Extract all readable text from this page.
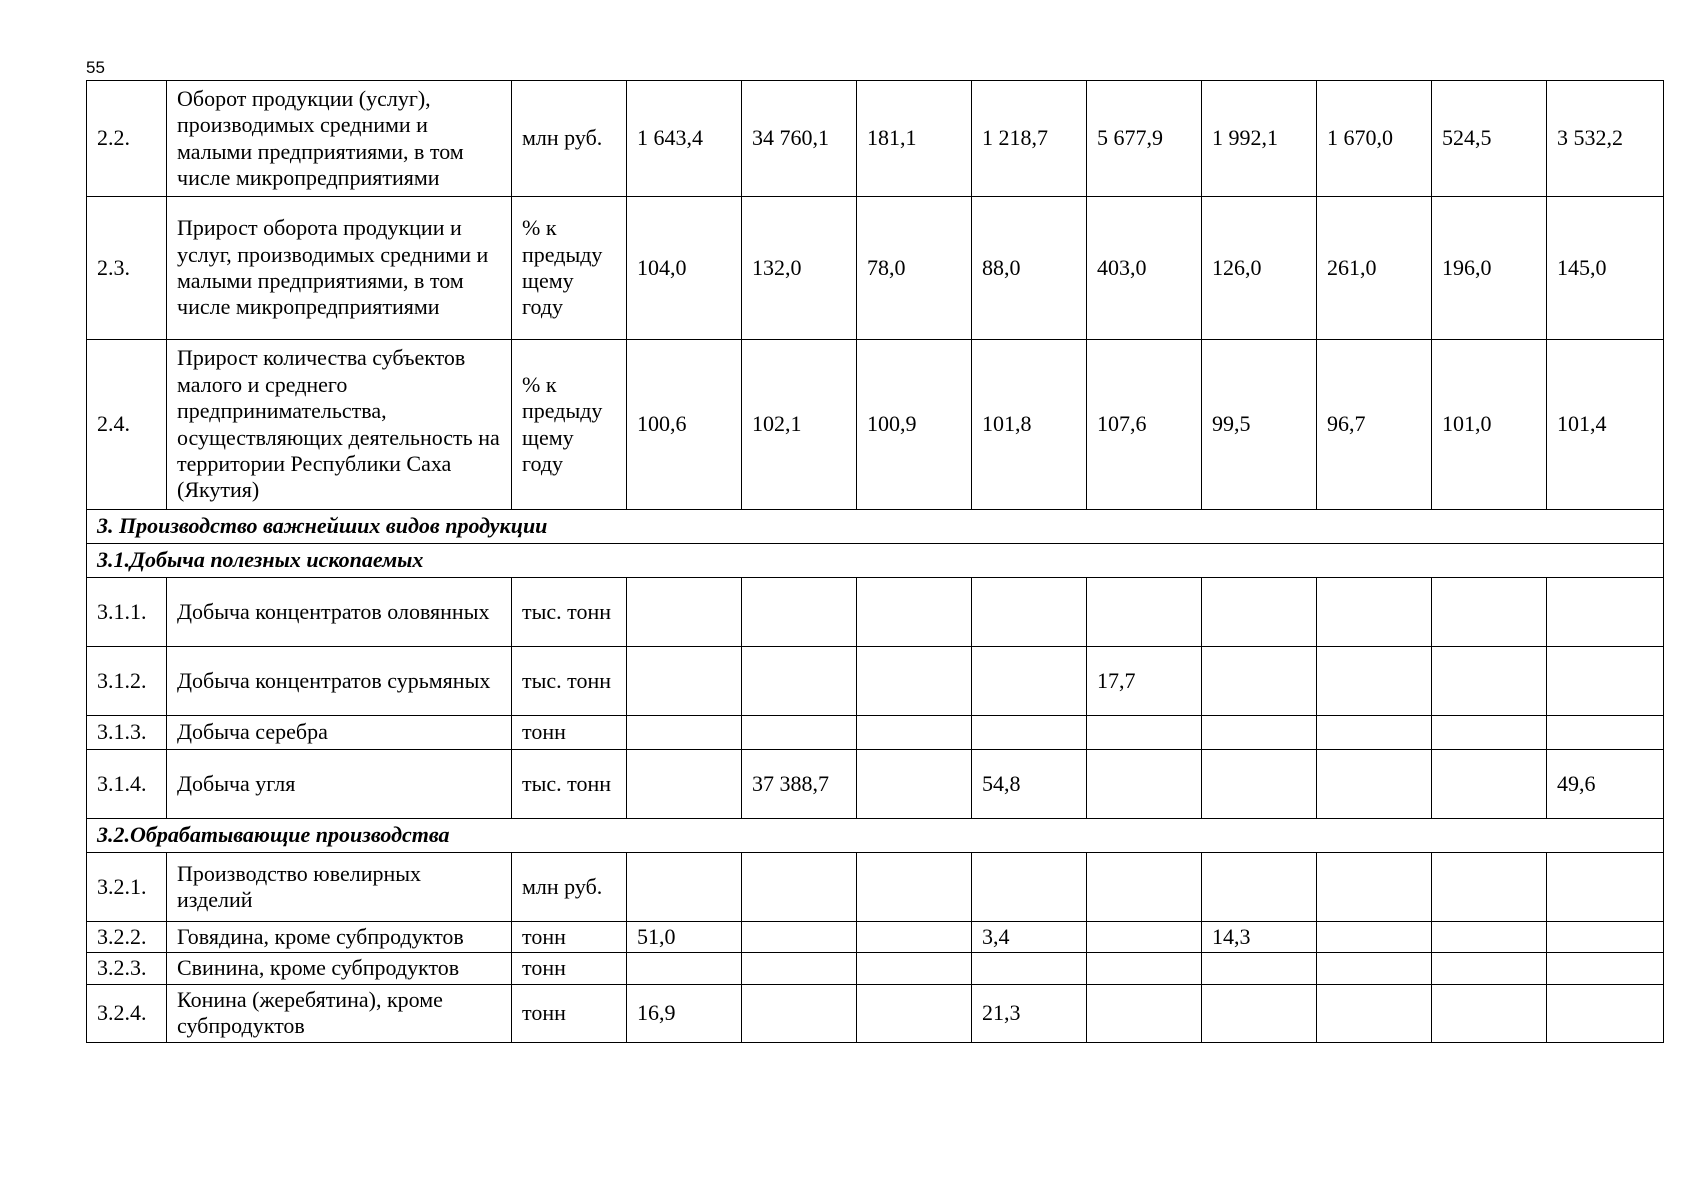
55
2.2.	Оборот продукции (услуг), производимых средними и малыми предприятиями, в том числе микропредприятиями	млн руб.	1 643,4	34 760,1	181,1	1 218,7	5 677,9	1 992,1	1 670,0	524,5	3 532,2
2.3.	Прирост оборота продукции и услуг, производимых средними и малыми предприятиями, в том числе микропредприятиями	% к предыду щему году	104,0	132,0	78,0	88,0	403,0	126,0	261,0	196,0	145,0
2.4.	Прирост количества субъектов малого и среднего предпринимательства, осуществляющих деятельность на территории Республики Саха (Якутия)	% к предыду щему году	100,6	102,1	100,9	101,8	107,6	99,5	96,7	101,0	101,4
3. Производство важнейших видов продукции											
3.1.Добыча полезных ископаемых											
3.1.1.	Добыча концентратов оловянных	тыс. тонн									
3.1.2.	Добыча концентратов сурьмяных	тыс. тонн					17,7				
3.1.3.	Добыча серебра	тонн									
3.1.4.	Добыча угля	тыс. тонн		37 388,7		54,8					49,6
3.2.Обрабатывающие производства											
3.2.1.	Производство ювелирных изделий	млн руб.									
3.2.2.	Говядина, кроме субпродуктов	тонн	51,0			3,4		14,3			
3.2.3.	Свинина, кроме субпродуктов	тонн									
3.2.4.	Конина (жеребятина), кроме субпродуктов	тонн	16,9			21,3					
